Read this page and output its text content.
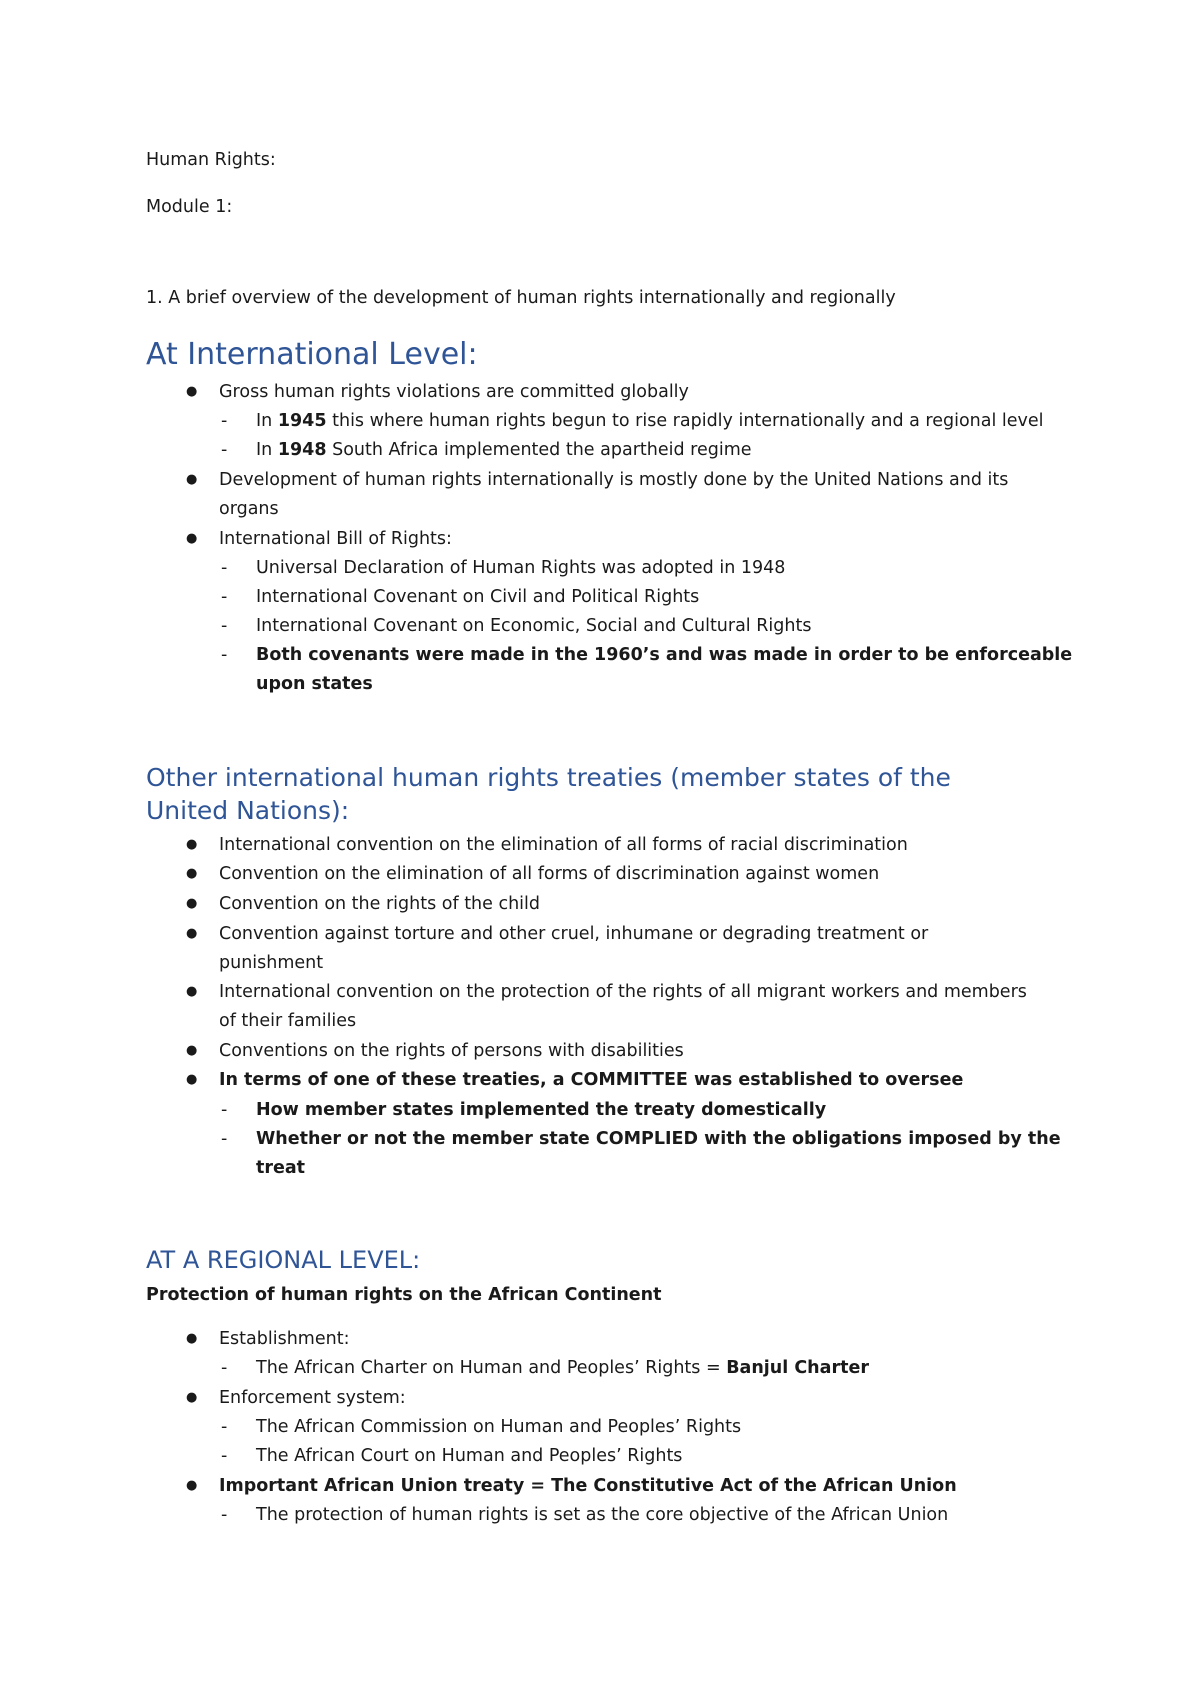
Human Rights:
Module 1:
1. A brief overview of the development of human rights internationally and regionally
At International Level:
● Gross human rights violations are committed globally
- In 1945 this where human rights begun to rise rapidly internationally and a regional level
- In 1948 South Africa implemented the apartheid regime
● Development of human rights internationally is mostly done by the United Nations and its
organs
● International Bill of Rights:
- Universal Declaration of Human Rights was adopted in 1948
- International Covenant on Civil and Political Rights
- International Covenant on Economic, Social and Cultural Rights
- Both covenants were made in the 1960’s and was made in order to be enforceable
upon states
Other international human rights treaties (member states of the
United Nations):
● International convention on the elimination of all forms of racial discrimination
● Convention on the elimination of all forms of discrimination against women
● Convention on the rights of the child
● Convention against torture and other cruel, inhumane or degrading treatment or
punishment
● International convention on the protection of the rights of all migrant workers and members
of their families
● Conventions on the rights of persons with disabilities
● In terms of one of these treaties, a COMMITTEE was established to oversee
- How member states implemented the treaty domestically
- Whether or not the member state COMPLIED with the obligations imposed by the
treat
AT A REGIONAL LEVEL:
Protection of human rights on the African Continent
● Establishment:
- The African Charter on Human and Peoples’ Rights = Banjul Charter
● Enforcement system:
- The African Commission on Human and Peoples’ Rights
- The African Court on Human and Peoples’ Rights
● Important African Union treaty = The Constitutive Act of the African Union
- The protection of human rights is set as the core objective of the African Union
